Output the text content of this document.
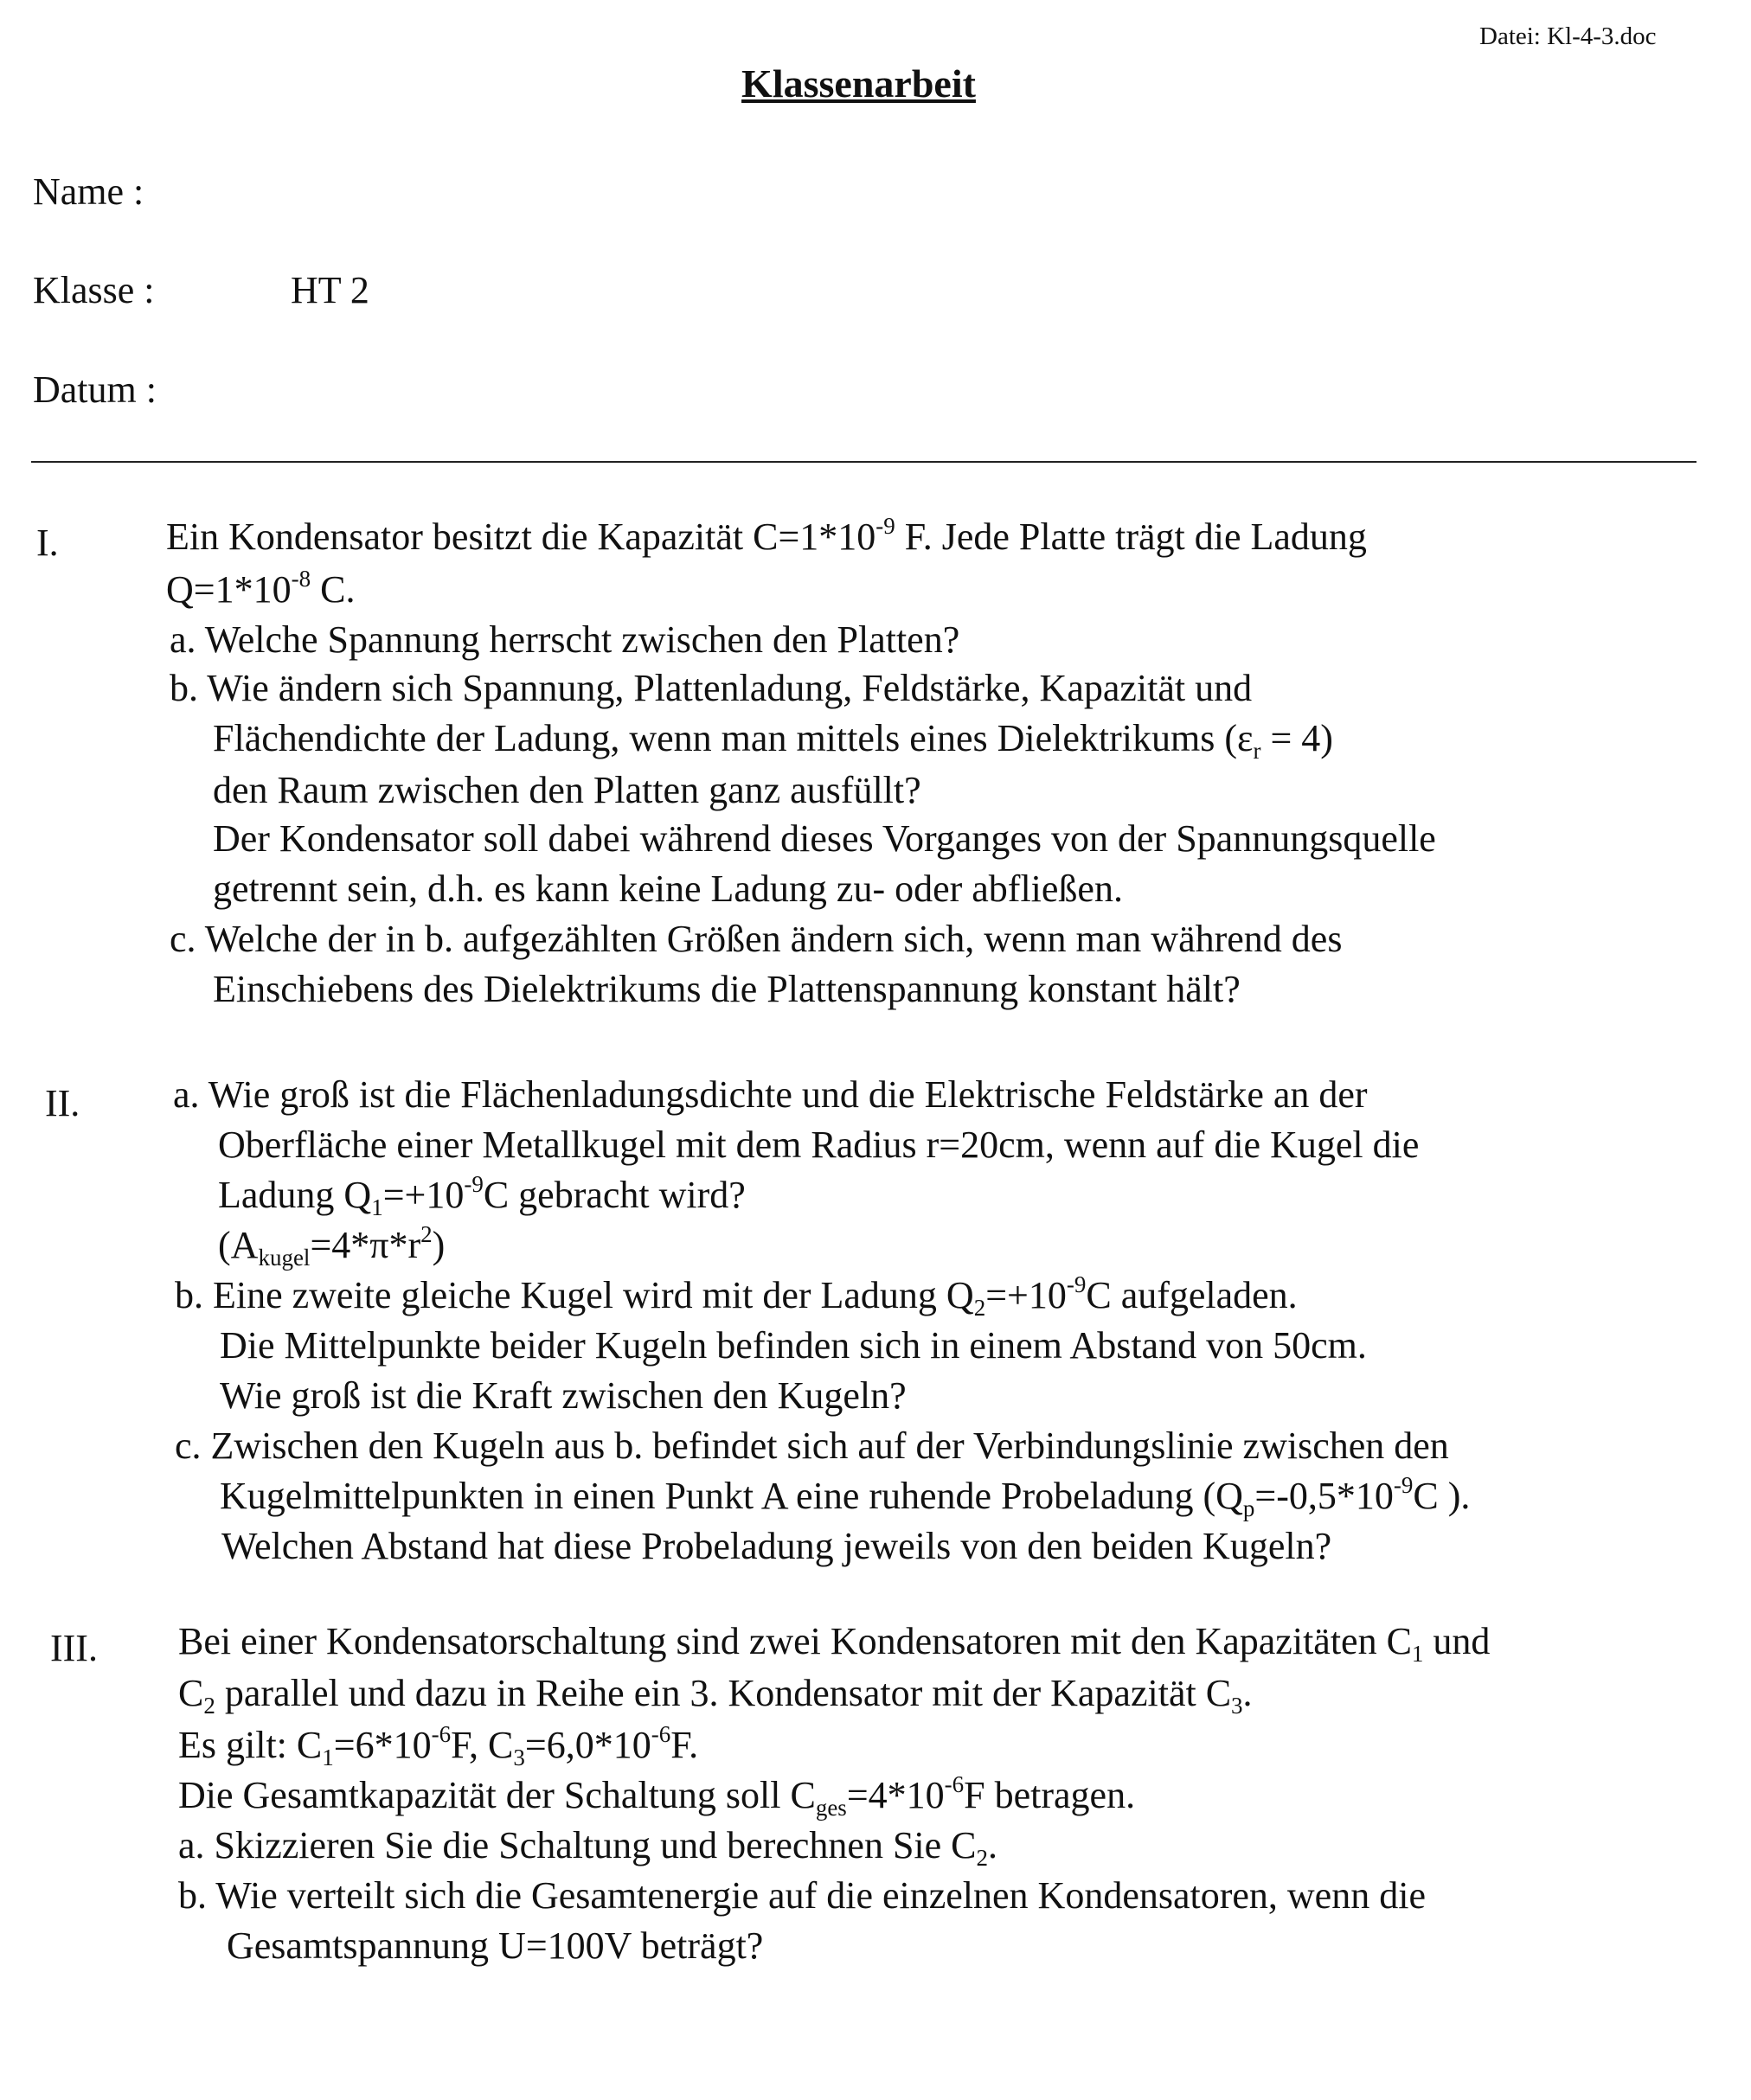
Datei: Kl-4-3.doc
Klassenarbeit
Name :
Klasse :	HT 2
Datum :
I.	Ein Kondensator besitzt die Kapazität $C=1*10^{-9}$ F. Jede Platte trägt die Ladung
$Q=1*10^{-8}$ C.
a. Welche Spannung herrscht zwischen den Platten?
b. Wie ändern sich Spannung, Plattenladung, Feldstärke, Kapazität und
Flächendichte der Ladung, wenn man mittels eines Dielektrikums $(\varepsilon_r = 4)$
den Raum zwischen den Platten ganz ausfüllt?
Der Kondensator soll dabei während dieses Vorganges von der Spannungsquelle
getrennt sein, d.h. es kann keine Ladung zu- oder abfließen.
c. Welche der in b. aufgezählten Größen ändern sich, wenn man während des
Einschiebens des Dielektrikums die Plattenspannung konstant hält?
II. a. Wie groß ist die Flächenladungsdichte und die Elektrische Feldstärke an der
Oberfläche einer Metallkugel mit dem Radius r=20cm, wenn auf die Kugel die
Ladung $Q_1=+10^{-9}C$ gebracht wird?
$(A_{kugel}=4*\pi*r^2)$
b. Eine zweite gleiche Kugel wird mit der Ladung $Q_2=+10^{-9}C$ aufgeladen.
Die Mittelpunkte beider Kugeln befinden sich in einem Abstand von 50cm.
Wie groß ist die Kraft zwischen den Kugeln?
c. Zwischen den Kugeln aus b. befindet sich auf der Verbindungslinie zwischen den
Kugelmittelpunkten in einen Punkt A eine ruhende Probeladung ($Q_p=-0,5*10^{-9}C$ ).
Welchen Abstand hat diese Probeladung jeweils von den beiden Kugeln?
III. Bei einer Kondensatorschaltung sind zwei Kondensatoren mit den Kapazitäten $C_1$ und
$C_2$ parallel und dazu in Reihe ein 3. Kondensator mit der Kapazität $C_3$.
Es gilt: $C_1=6*10^{-6}F$, $C_3=6,0*10^{-6}F$.
Die Gesamtkapazität der Schaltung soll $C_{ges}=4*10^{-6}F$ betragen.
a. Skizzieren Sie die Schaltung und berechnen Sie $C_2$.
b. Wie verteilt sich die Gesamtenergie auf die einzelnen Kondensatoren, wenn die
Gesamtspannung U=100V beträgt?
